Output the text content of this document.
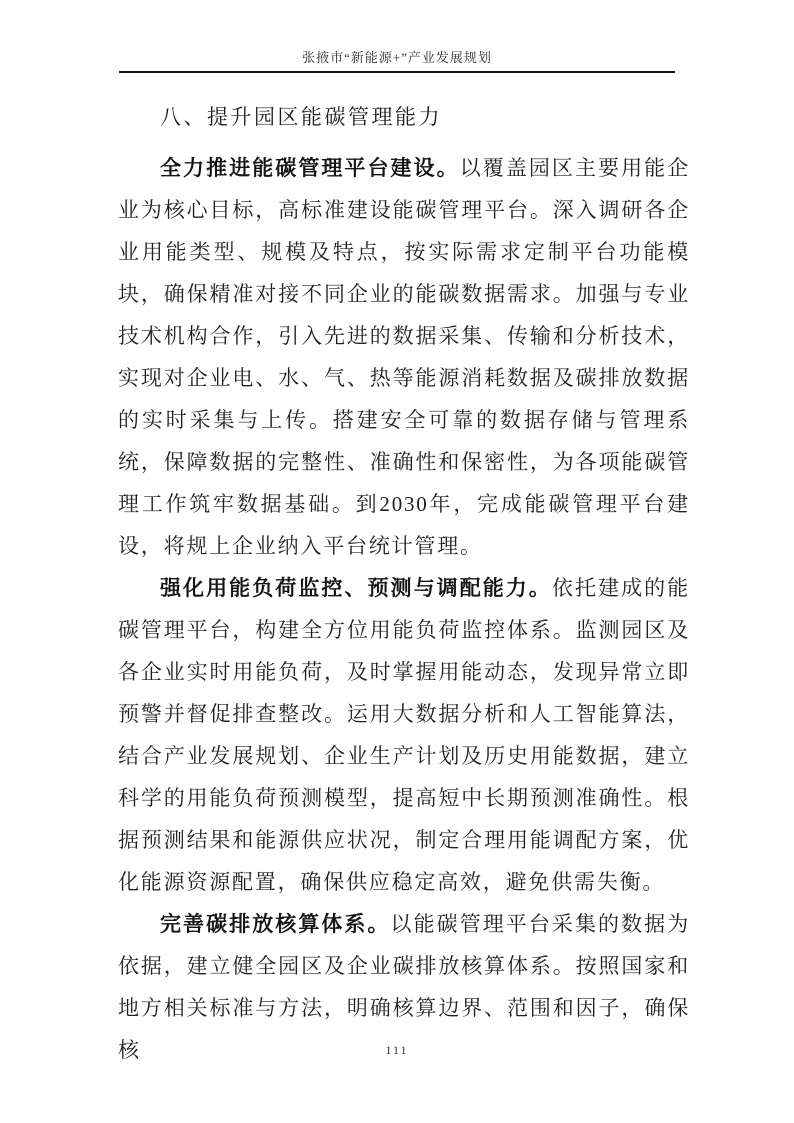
张掖市“新能源+”产业发展规划
八、提升园区能碳管理能力

全力推进能碳管理平台建设。以覆盖园区主要用能企业为核心目标，高标准建设能碳管理平台。深入调研各企业用能类型、规模及特点，按实际需求定制平台功能模块，确保精准对接不同企业的能碳数据需求。加强与专业技术机构合作，引入先进的数据采集、传输和分析技术，实现对企业电、水、气、热等能源消耗数据及碳排放数据的实时采集与上传。搭建安全可靠的数据存储与管理系统，保障数据的完整性、准确性和保密性，为各项能碳管理工作筑牢数据基础。到2030年，完成能碳管理平台建设，将规上企业纳入平台统计管理。

强化用能负荷监控、预测与调配能力。依托建成的能碳管理平台，构建全方位用能负荷监控体系。监测园区及各企业实时用能负荷，及时掌握用能动态，发现异常立即预警并督促排查整改。运用大数据分析和人工智能算法，结合产业发展规划、企业生产计划及历史用能数据，建立科学的用能负荷预测模型，提高短中长期预测准确性。根据预测结果和能源供应状况，制定合理用能调配方案，优化能源资源配置，确保供应稳定高效，避免供需失衡。

完善碳排放核算体系。以能碳管理平台采集的数据为依据，建立健全园区及企业碳排放核算体系。按照国家和地方相关标准与方法，明确核算边界、范围和因子，确保核	111
